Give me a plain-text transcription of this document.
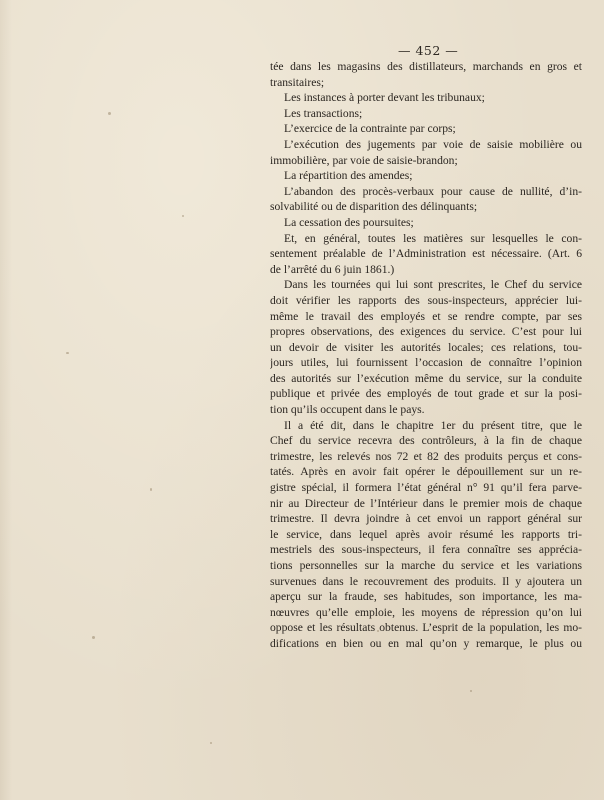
— 452 —
tée dans les magasins des distillateurs, marchands en gros et
transitaires;
Les instances à porter devant les tribunaux;
Les transactions;
L’exercice de la contrainte par corps;
L’exécution des jugements par voie de saisie mobilière ou
immobilière, par voie de saisie-brandon;
La répartition des amendes;
L’abandon des procès-verbaux pour cause de nullité, d’in-
solvabilité ou de disparition des délinquants;
La cessation des poursuites;
Et, en général, toutes les matières sur lesquelles le con-
sentement préalable de l’Administration est nécessaire. (Art. 6
de l’arrêté du 6 juin 1861.)
Dans les tournées qui lui sont prescrites, le Chef du service
doit vérifier les rapports des sous-inspecteurs, apprécier lui-
même le travail des employés et se rendre compte, par ses
propres observations, des exigences du service. C’est pour lui
un devoir de visiter les autorités locales; ces relations, tou-
jours utiles, lui fournissent l’occasion de connaître l’opinion
des autorités sur l’exécution même du service, sur la conduite
publique et privée des employés de tout grade et sur la posi-
tion qu’ils occupent dans le pays.
Il a été dit, dans le chapitre 1er du présent titre, que le
Chef du service recevra des contrôleurs, à la fin de chaque
trimestre, les relevés nos 72 et 82 des produits perçus et cons-
tatés. Après en avoir fait opérer le dépouillement sur un re-
gistre spécial, il formera l’état général n° 91 qu’il fera parve-
nir au Directeur de l’Intérieur dans le premier mois de chaque
trimestre. Il devra joindre à cet envoi un rapport général sur
le service, dans lequel après avoir résumé les rapports tri-
mestriels des sous-inspecteurs, il fera connaître ses apprécia-
tions personnelles sur la marche du service et les variations
survenues dans le recouvrement des produits. Il y ajoutera un
aperçu sur la fraude, ses habitudes, son importance, les ma-
nœuvres qu’elle emploie, les moyens de répression qu’on lui
oppose et les résultats obtenus. L’esprit de la population, les mo-
difications en bien ou en mal qu’on y remarque, le plus ou
